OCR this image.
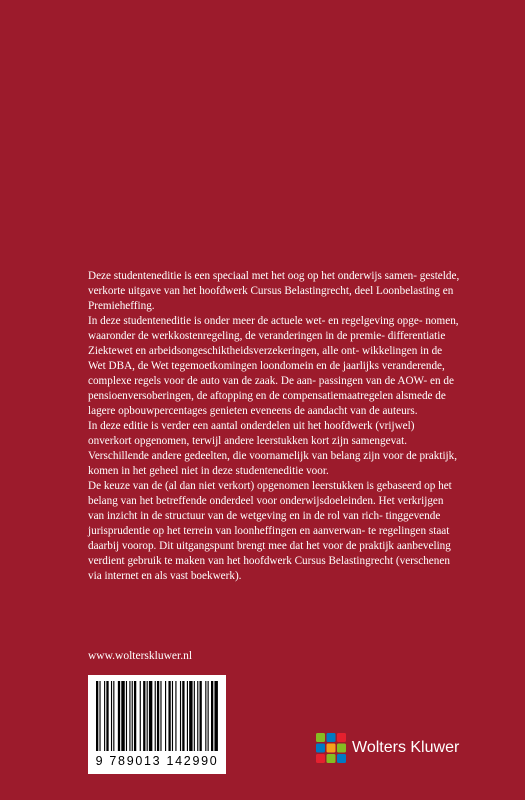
Deze studenteneditie is een speciaal met het oog op het onderwijs samen- gestelde, verkorte uitgave van het hoofdwerk Cursus Belastingrecht, deel Loonbelasting en Premieheffing.

In deze studenteneditie is onder meer de actuele wet- en regelgeving opge- nomen, waaronder de werkkostenregeling, de veranderingen in de premie- differentiatie Ziektewet en arbeidsongeschiktheidsverzekeringen, alle ont- wikkelingen in de Wet DBA, de Wet tegemoetkomingen loondomein en de jaarlijks veranderende, complexe regels voor de auto van de zaak. De aan- passingen van de AOW- en de pensioenversoberingen, de aftopping en de compensatiemaatregelen alsmede de lagere opbouwpercentages genieten eveneens de aandacht van de auteurs.

In deze editie is verder een aantal onderdelen uit het hoofdwerk (vrijwel) onverkort opgenomen, terwijl andere leerstukken kort zijn samengevat. Verschillende andere gedeelten, die voornamelijk van belang zijn voor de praktijk, komen in het geheel niet in deze studenteneditie voor.

De keuze van de (al dan niet verkort) opgenomen leerstukken is gebaseerd op het belang van het betreffende onderdeel voor onderwijsdoeleinden. Het verkrijgen van inzicht in de structuur van de wetgeving en in de rol van rich- tinggevende jurisprudentie op het terrein van loonheffingen en aanverwan- te regelingen staat daarbij voorop. Dit uitgangspunt brengt mee dat het voor de praktijk aanbeveling verdient gebruik te maken van het hoofdwerk Cursus Belastingrecht (verschenen via internet en als vast boekwerk).

www.wolterskluwer.nl
9 789013 142990
Wolters Kluwer
